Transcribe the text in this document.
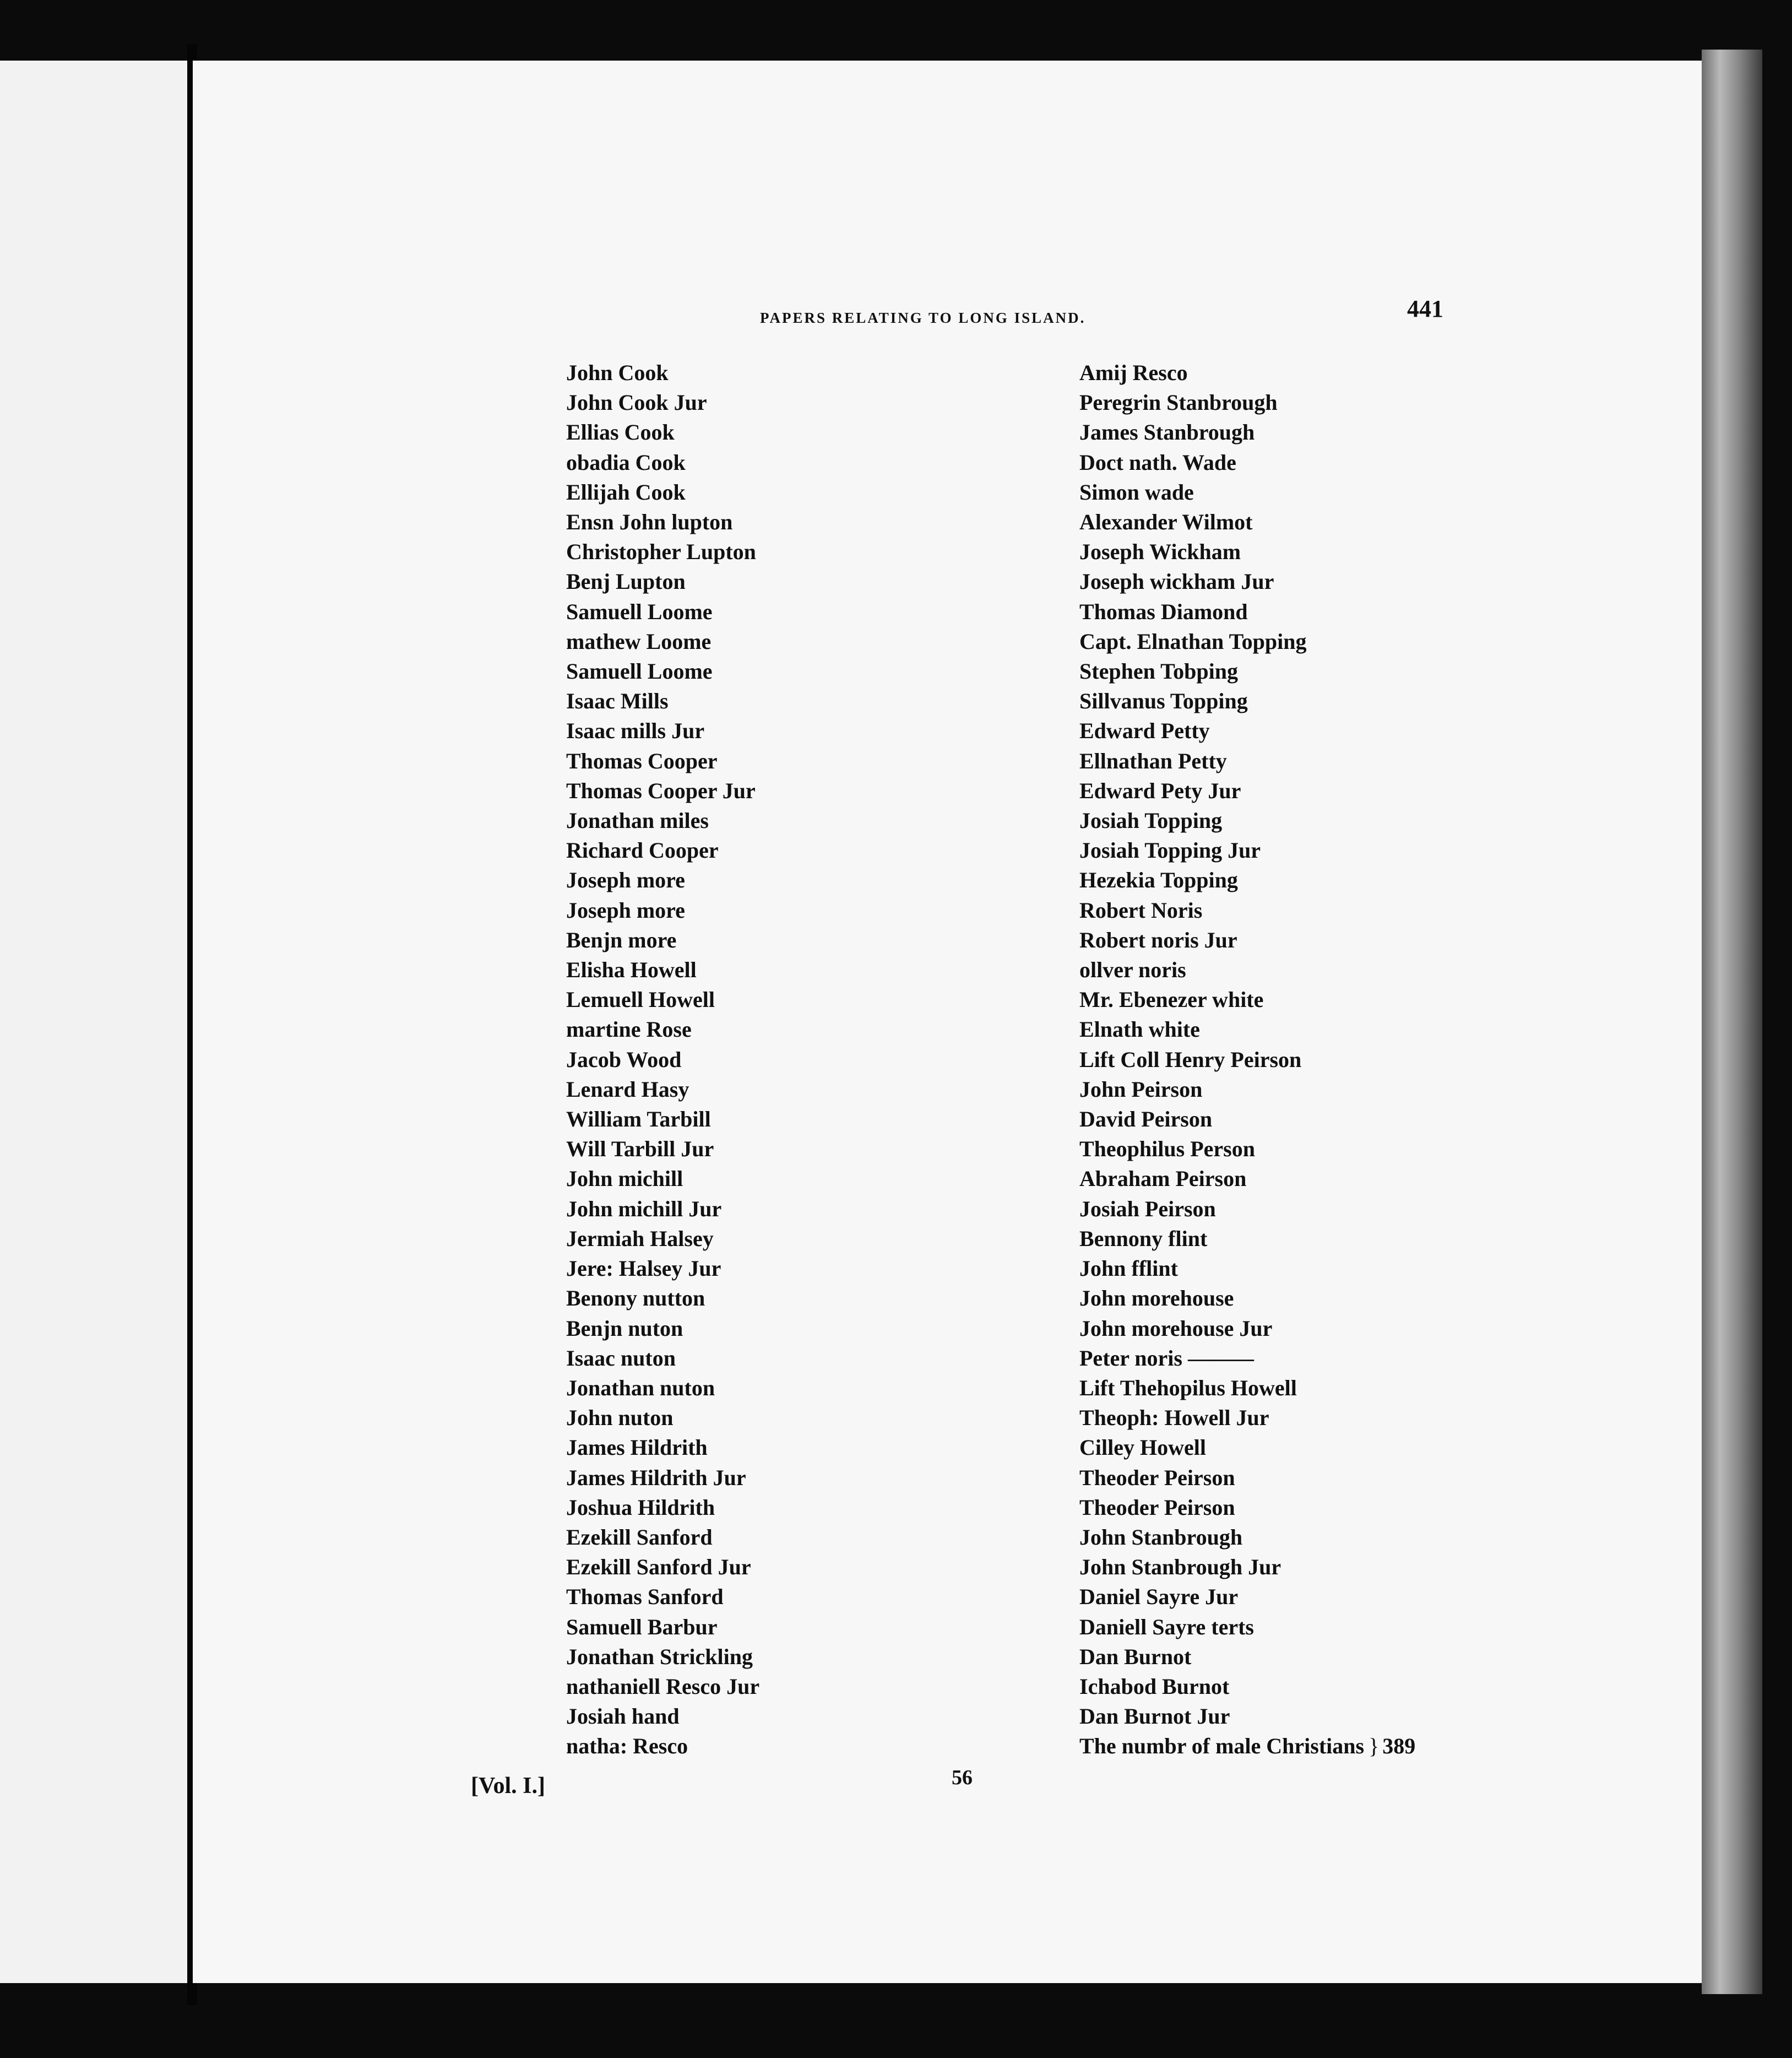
PAPERS RELATING TO LONG ISLAND.	441
John Cook
John Cook Jur
Ellias Cook
obadia Cook
Ellijah Cook
Ensn John lupton
Christopher Lupton
Benj Lupton
Samuell Loome
mathew Loome
Samuell Loome
Isaac Mills
Isaac mills Jur
Thomas Cooper
Thomas Cooper Jur
Jonathan miles
Richard Cooper
Joseph more
Joseph more
Benjn more
Elisha Howell
Lemuell Howell
martine Rose
Jacob Wood
Lenard Hasy
William Tarbill
Will Tarbill Jur
John michill
John michill Jur
Jermiah Halsey
Jere: Halsey Jur
Benony nutton
Benjn nuton
Isaac nuton
Jonathan nuton
John nuton
James Hildrith
James Hildrith Jur
Joshua Hildrith
Ezekill Sanford
Ezekill Sanford Jur
Thomas Sanford
Samuell Barbur
Jonathan Strickling
nathaniell Resco Jur
Josiah hand
natha: Resco
Amij Resco
Peregrin Stanbrough
James Stanbrough
Doct nath. Wade
Simon wade
Alexander Wilmot
Joseph Wickham
Joseph wickham Jur
Thomas Diamond
Capt. Elnathan Topping
Stephen Tobping
Sillvanus Topping
Edward Petty
Ellnathan Petty
Edward Pety Jur
Josiah Topping
Josiah Topping Jur
Hezekia Topping
Robert Noris
Robert noris Jur
ollver noris
Mr. Ebenezer white
Elnath white
Lift Coll Henry Peirson
John Peirson
David Peirson
Theophilus Person
Abraham Peirson
Josiah Peirson
Bennony flint
John fflint
John morehouse
John morehouse Jur
Peter noris ———
Lift Thehopilus Howell
Theoph: Howell Jur
Cilley Howell
Theoder Peirson
Theoder Peirson
John Stanbrough
John Stanbrough Jur
Daniel Sayre Jur
Daniell Sayre terts
Dan Burnot
Ichabod Burnot
Dan Burnot Jur
The numbr of male Christians } 389
[Vol. I.]	56
